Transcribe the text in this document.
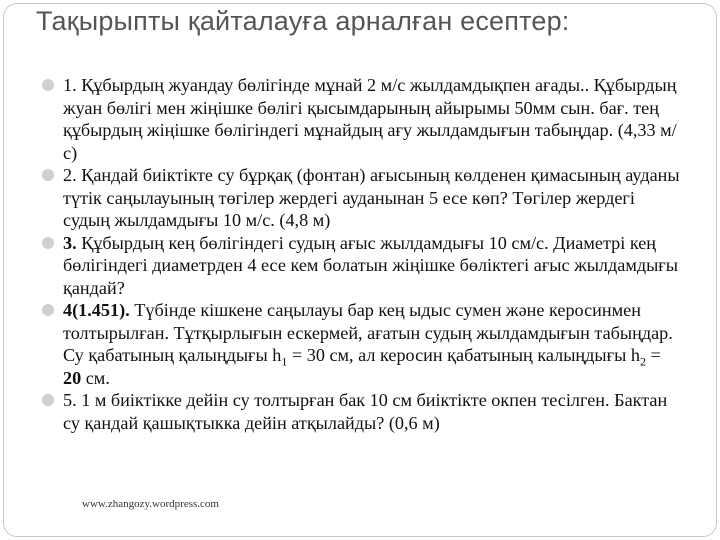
Тақырыпты қайталауға арналған есептер:
1. Құбырдың жуандау бөлігінде мұнай 2 м/с жылдамдықпен ағады.. Құбырдың жуан бөлігі мен жіңішке бөлігі қысымдарының айырымы 50мм сын. бағ. тең құбырдың жіңішке бөлігіндегі мұнайдың ағу жылдамдығын табыңдар. (4,33 м/с)
2. Қандай биіктікте су бұрқақ (фонтан) ағысының көлденен қимасының ауданы түтік саңылауының төгілер жердегі ауданынан 5 есе көп? Төгілер жердегі судың жылдамдығы 10 м/с. (4,8 м)
3. Құбырдың кең бөлігіндегі судың ағыс жылдамдығы 10 см/с. Диаметрі кең бөлігіндегі диаметрден 4 есе кем болатын жіңішке бөліктегі ағыс жылдамдығы қандай?
4(1.451). Түбінде кішкене саңылауы бар кең ыдыс сумен және керосинмен толтырылған. Тұтқырлығын ескермей, ағатын судың жылдамдығын табыңдар. Су қабатының қалыңдығы $h_1 = 30$ см, ал керосин қабатының калыңдығы $h_2 = 20$ см.
5. 1 м биіктікке дейін су толтырған бак 10 см биіктікте окпен тесілген. Бактан су қандай қашықтыкка дейін атқылайды? (0,6 м)
www.zhangozy.wordpress.com
